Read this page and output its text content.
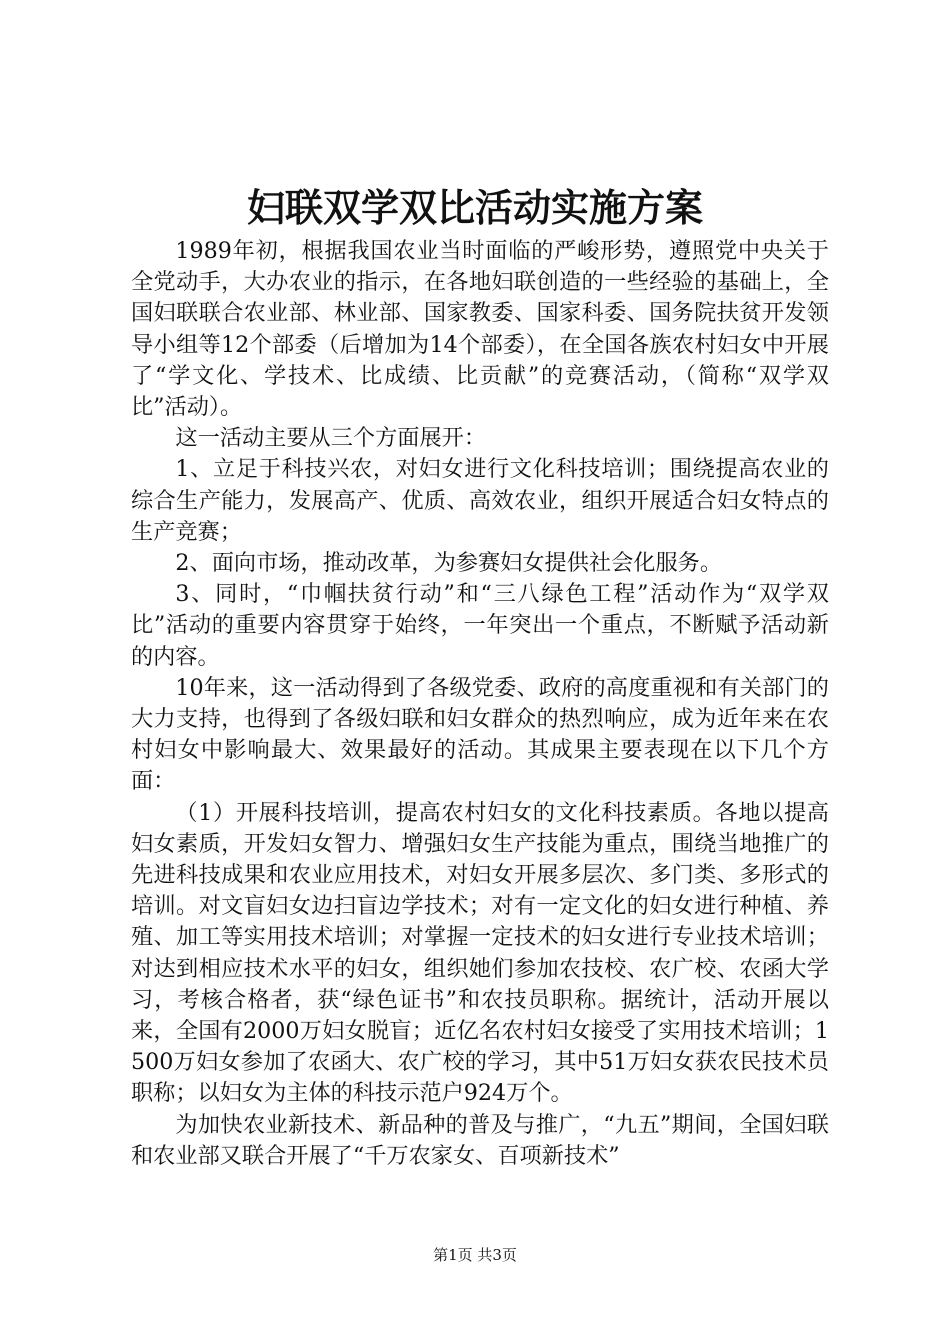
妇联双学双比活动实施方案

1989年初，根据我国农业当时面临的严峻形势，遵照党中央关于全党动手，大办农业的指示，在各地妇联创造的一些经验的基础上，全国妇联联合农业部、林业部、国家教委、国家科委、国务院扶贫开发领导小组等12个部委（后增加为14个部委），在全国各族农村妇女中开展了“学文化、学技术、比成绩、比贡献”的竞赛活动，（简称“双学双比”活动）。

这一活动主要从三个方面展开：

1、立足于科技兴农，对妇女进行文化科技培训；围绕提高农业的综合生产能力，发展高产、优质、高效农业，组织开展适合妇女特点的生产竞赛；

2、面向市场，推动改革，为参赛妇女提供社会化服务。

3、同时，“巾帼扶贫行动”和“三八绿色工程”活动作为“双学双比”活动的重要内容贯穿于始终，一年突出一个重点，不断赋予活动新的内容。

10年来，这一活动得到了各级党委、政府的高度重视和有关部门的大力支持，也得到了各级妇联和妇女群众的热烈响应，成为近年来在农村妇女中影响最大、效果最好的活动。其成果主要表现在以下几个方面：

（1）开展科技培训，提高农村妇女的文化科技素质。各地以提高妇女素质，开发妇女智力、增强妇女生产技能为重点，围绕当地推广的先进科技成果和农业应用技术，对妇女开展多层次、多门类、多形式的培训。对文盲妇女边扫盲边学技术；对有一定文化的妇女进行种植、养殖、加工等实用技术培训；对掌握一定技术的妇女进行专业技术培训；对达到相应技术水平的妇女，组织她们参加农技校、农广校、农函大学习，考核合格者，获“绿色证书”和农技员职称。据统计，活动开展以来，全国有2000万妇女脱盲；近亿名农村妇女接受了实用技术培训；1500万妇女参加了农函大、农广校的学习，其中51万妇女获农民技术员职称；以妇女为主体的科技示范户924万个。

为加快农业新技术、新品种的普及与推广，“九五”期间，全国妇联和农业部又联合开展了“千万农家女、百项新技术”

第1页 共3页
